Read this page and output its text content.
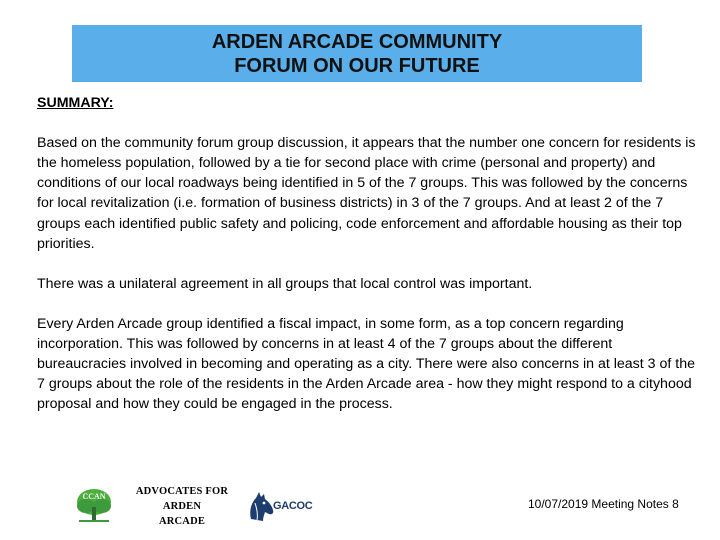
ARDEN ARCADE COMMUNITY
FORUM ON OUR FUTURE

SUMMARY:

Based on the community forum group discussion, it appears that the number one concern for residents is the homeless population, followed by a tie for second place with crime (personal and property) and conditions of our local roadways being identified in 5 of the 7 groups. This was followed by the concerns for local revitalization (i.e. formation of business districts) in 3 of the 7 groups. And at least 2 of the 7 groups each identified public safety and policing, code enforcement and affordable housing as their top priorities.

There was a unilateral agreement in all groups that local control was important.

Every Arden Arcade group identified a fiscal impact, in some form, as a top concern regarding incorporation. This was followed by concerns in at least 4 of the 7 groups about the different bureaucracies involved in becoming and operating as a city. There were also concerns in at least 3 of the 7 groups about the role of the residents in the Arden Arcade area - how they might respond to a cityhood proposal and how they could be engaged in the process.

CCAN	ADVOCATES FOR ARDEN
ARCADE
GACOC	10/07/2019 Meeting Notes 8
